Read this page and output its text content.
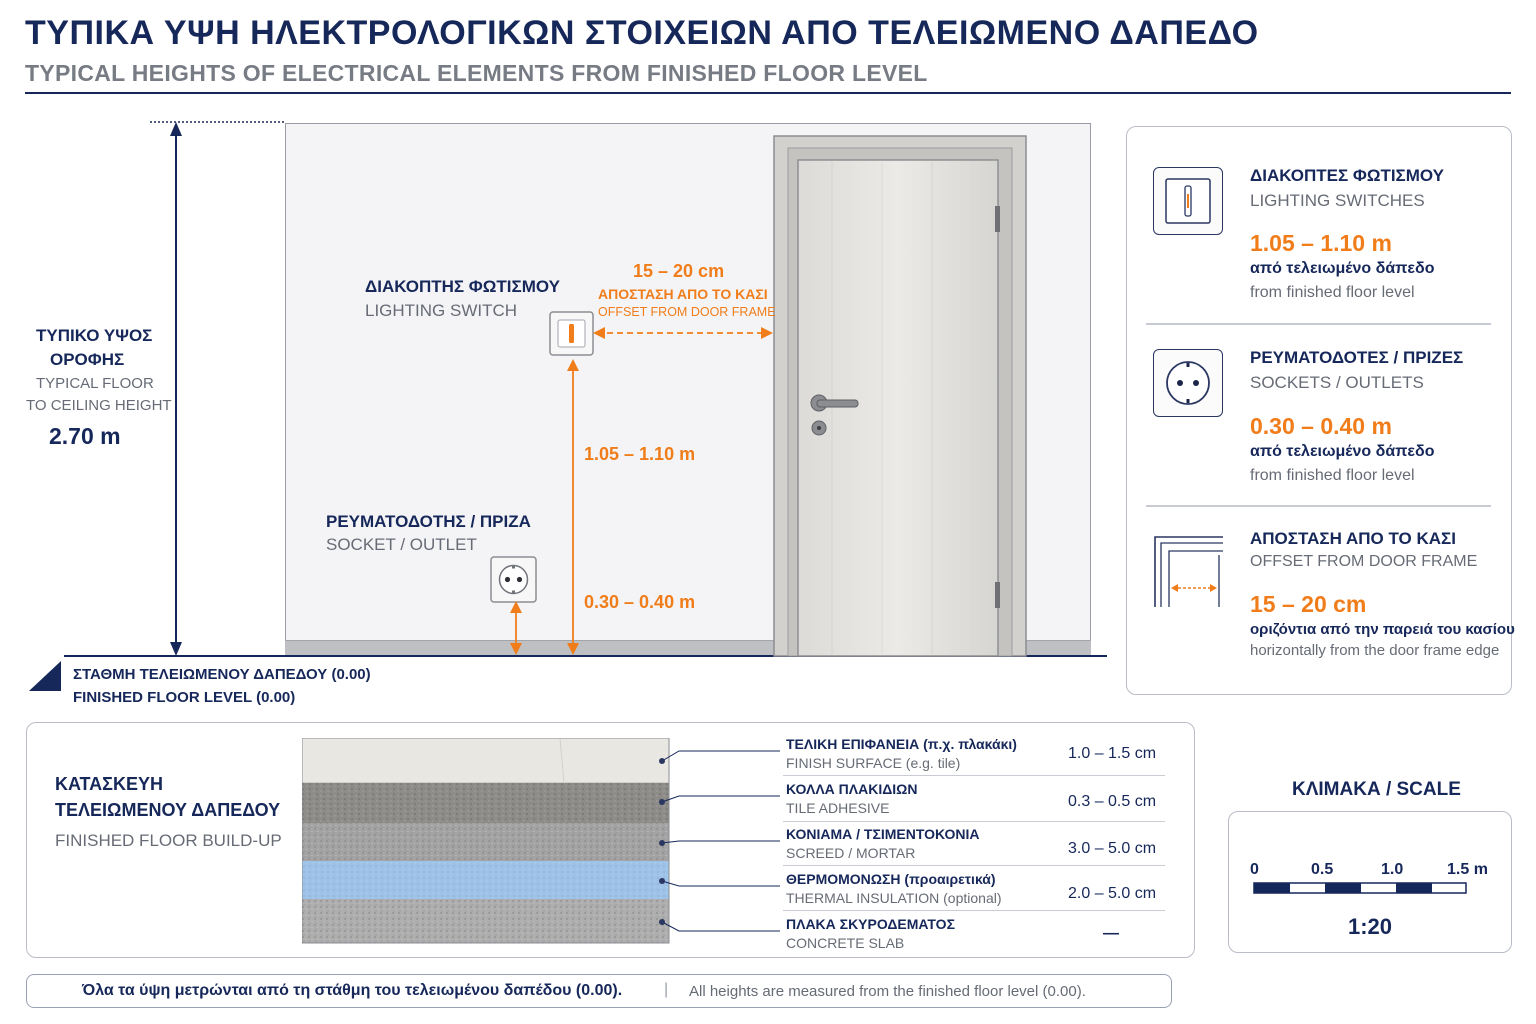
ΤΥΠΙΚΑ ΥΨΗ ΗΛΕΚΤΡΟΛΟΓΙΚΩΝ ΣΤΟΙΧΕΙΩΝ ΑΠΟ ΤΕΛΕΙΩΜΕΝΟ ΔΑΠΕΔΟ
TYPICAL HEIGHTS OF ELECTRICAL ELEMENTS FROM FINISHED FLOOR LEVEL
ΤΥΠΙΚΟ ΥΨΟΣ
ΟΡΟΦΗΣ
TYPICAL FLOOR
TO CEILING HEIGHT
2.70 m
ΔΙΑΚΟΠΤΗΣ ΦΩΤΙΣΜΟΥ
LIGHTING SWITCH
15 – 20 cm
ΑΠΟΣΤΑΣΗ ΑΠΟ ΤΟ ΚΑΣΙ
OFFSET FROM DOOR FRAME
1.05 – 1.10 m
ΡΕΥΜΑΤΟΔΟΤΗΣ / ΠΡΙΖΑ
SOCKET / OUTLET
0.30 – 0.40 m
ΣΤΑΘΜΗ ΤΕΛΕΙΩΜΕΝΟΥ ΔΑΠΕΔΟΥ (0.00)
FINISHED FLOOR LEVEL (0.00)
ΔΙΑΚΟΠΤΕΣ ΦΩΤΙΣΜΟΥ
LIGHTING SWITCHES
1.05 – 1.10 m
από τελειωμένο δάπεδο
from finished floor level
ΡΕΥΜΑΤΟΔΟΤΕΣ / ΠΡΙΖΕΣ
SOCKETS / OUTLETS
0.30 – 0.40 m
από τελειωμένο δάπεδο
from finished floor level
ΑΠΟΣΤΑΣΗ ΑΠΟ ΤΟ ΚΑΣΙ
OFFSET FROM DOOR FRAME
15 – 20 cm
οριζόντια από την παρειά του κασίου
horizontally from the door frame edge
ΚΑΤΑΣΚΕΥΗ
ΤΕΛΕΙΩΜΕΝΟΥ ΔΑΠΕΔΟΥ
FINISHED FLOOR BUILD-UP
ΤΕΛΙΚΗ ΕΠΙΦΑΝΕΙΑ (π.χ. πλακάκι)
FINISH SURFACE (e.g. tile)
1.0 – 1.5 cm
ΚΟΛΛΑ ΠΛΑΚΙΔΙΩΝ
TILE ADHESIVE	0.3 – 0.5 cm
ΚΟΝΙΑΜΑ / ΤΣΙΜΕΝΤΟΚΟΝΙΑ
SCREED / MORTAR	3.0 – 5.0 cm
ΘΕΡΜΟΜΟΝΩΣΗ (προαιρετικά)
THERMAL INSULATION (optional)	2.0 – 5.0 cm
ΠΛΑΚΑ ΣΚΥΡΟΔΕΜΑΤΟΣ
CONCRETE SLAB
—
ΚΛΙΜΑΚΑ / SCALE
0	0.5	1.0	1.5 m
1:20
Όλα τα ύψη μετρώνται από τη στάθμη του τελειωμένου δαπέδου (0.00).	| All heights are measured from the finished floor level (0.00).
